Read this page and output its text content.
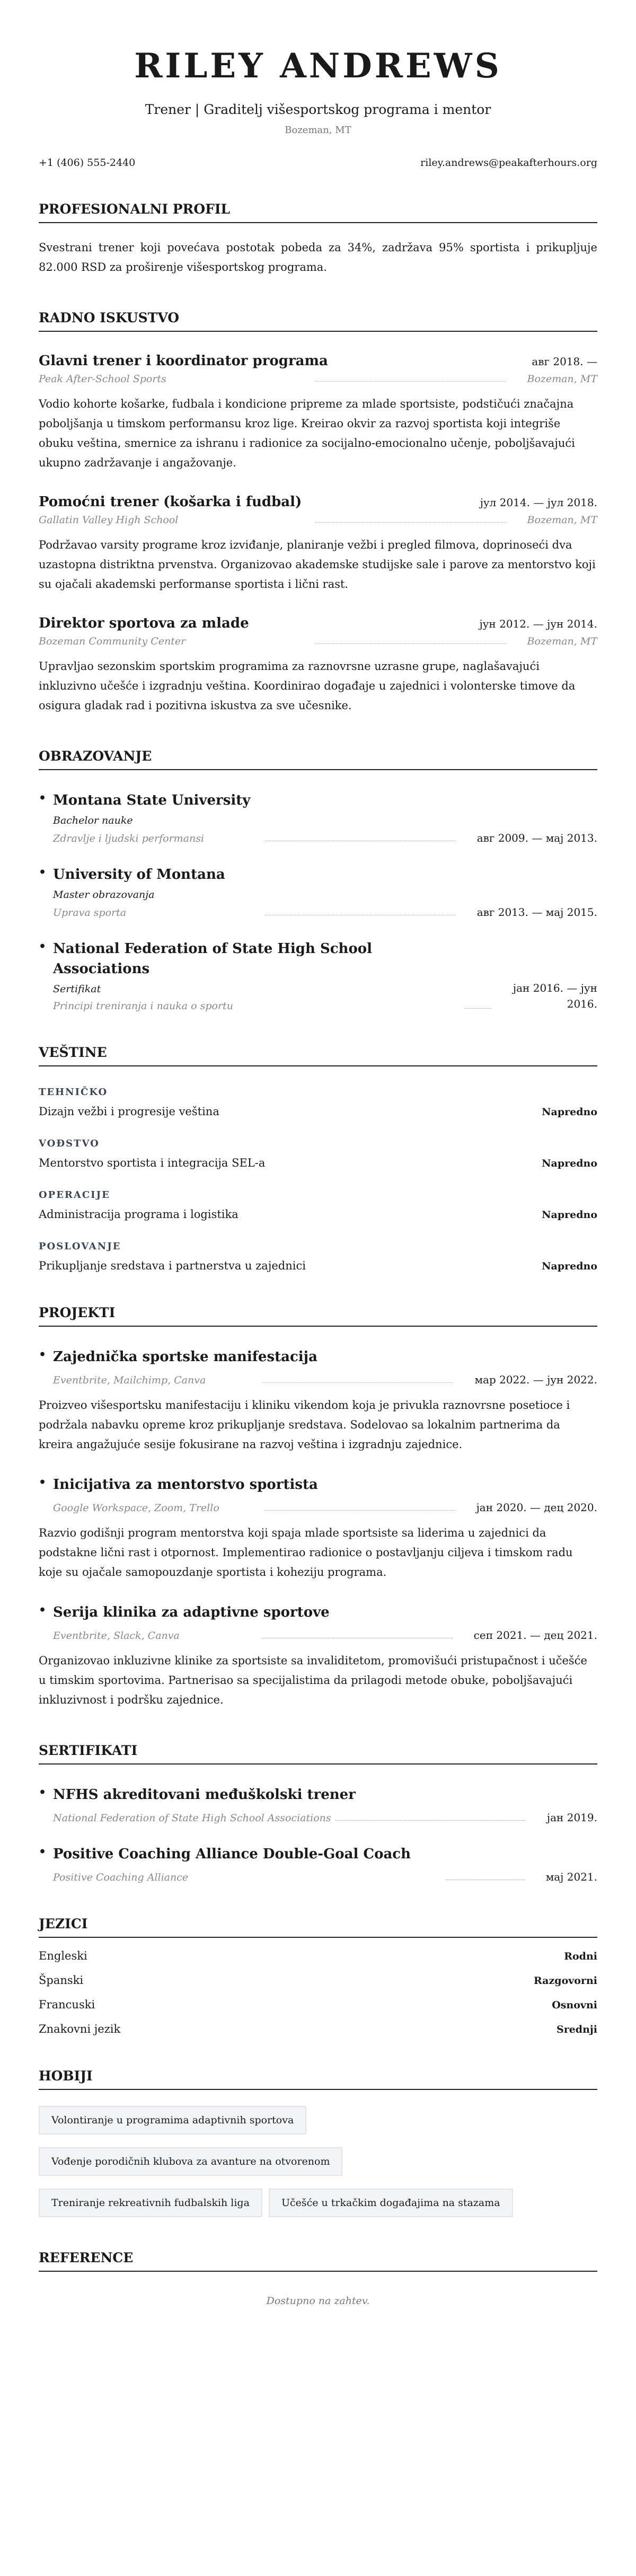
RILEY ANDREWS
Trener | Graditelj višesportskog programa i mentor
Bozeman, MT
+1 (406) 555-2440	riley.andrews@peakafterhours.org
PROFESIONALNI PROFIL

Svestrani trener koji povećava postotak pobeda za 34%, zadržava 95% sportista i prikupljuje 82.000 RSD za proširenje višesportskog programa.

RADNO ISKUSTVO
Glavni trener i koordinator programa	авг 2018. —
Peak After-School Sports	Bozeman, MT

Vodio kohorte košarke, fudbala i kondicione pripreme za mlade sportsiste, podstičući značajna poboljšanja u timskom performansu kroz lige. Kreirao okvir za razvoj sportista koji integriše obuku veština, smernice za ishranu i radionice za socijalno-emocionalno učenje, poboljšavajući ukupno zadržavanje i angažovanje.

Pomoćni trener (košarka i fudbal)	јул 2014. — јул 2018.
Gallatin Valley High School	Bozeman, MT

Podržavao varsity programe kroz izviđanje, planiranje vežbi i pregled filmova, doprinoseći dva uzastopna distriktna prvenstva. Organizovao akademske studijske sale i parove za mentorstvo koji su ojačali akademski performanse sportista i lični rast.

Direktor sportova za mlade	јун 2012. — јун 2014.
Bozeman Community Center	Bozeman, MT

Upravljao sezonskim sportskim programima za raznovrsne uzrasne grupe, naglašavajući inkluzivno učešće i izgradnju veština. Koordinirao događaje u zajednici i volonterske timove da osigura gladak rad i pozitivna iskustva za sve učesnike.

OBRAZOVANJE
• Montana State University
Bachelor nauke
Zdravlje i ljudski performansi	авг 2009. — мај 2013.
• University of Montana
Master obrazovanja
Uprava sporta	авг 2013. — мај 2015.
• National Federation of State High School Associations
Sertifikat
Principi treniranja i nauka o sportu
јан 2016. — јун 2016.
VEŠTINE
TEHNIČKO
Dizajn vežbi i progresije veština	Napredno
VOĐSTVO
Mentorstvo sportista i integracija SEL-a	Napredno
OPERACIJE
Administracija programa i logistika	Napredno
POSLOVANJE
Prikupljanje sredstava i partnerstva u zajednici	Napredno
PROJEKTI
• Zajednička sportske manifestacija
Eventbrite, Mailchimp, Canva	мар 2022. — јун 2022.

Proizveo višesportsku manifestaciju i kliniku vikendom koja je privukla raznovrsne posetioce i podržala nabavku opreme kroz prikupljanje sredstava. Sodelovao sa lokalnim partnerima da kreira angažujuće sesije fokusirane na razvoj veština i izgradnju zajednice.

• Inicijativa za mentorstvo sportista
Google Workspace, Zoom, Trello	јан 2020. — дец 2020.

Razvio godišnji program mentorstva koji spaja mlade sportsiste sa liderima u zajednici da podstakne lični rast i otpornost. Implementirao radionice o postavljanju ciljeva i timskom radu koje su ojačale samopouzdanje sportista i koheziju programa.

• Serija klinika za adaptivne sportove
Eventbrite, Slack, Canva	сеп 2021. — дец 2021.

Organizovao inkluzivne klinike za sportsiste sa invaliditetom, promovišući pristupačnost i učešće u timskim sportovima. Partnerisao sa specijalistima da prilagodi metode obuke, poboljšavajući inkluzivnost i podršku zajednice.

SERTIFIKATI
• NFHS akreditovani međuškolski trener
National Federation of State High School Associations	јан 2019.
• Positive Coaching Alliance Double-Goal Coach
Positive Coaching Alliance	мај 2021.
JEZICI
Engleski	Rodni
Španski	Razgovorni
Francuski	Osnovni
Znakovni jezik	Srednji
HOBIJI
Volontiranje u programima adaptivnih sportova
Vođenje porodičnih klubova za avanture na otvorenom
Treniranje rekreativnih fudbalskih liga	Učešće u trkačkim događajima na stazama
REFERENCE

Dostupno na zahtev.
